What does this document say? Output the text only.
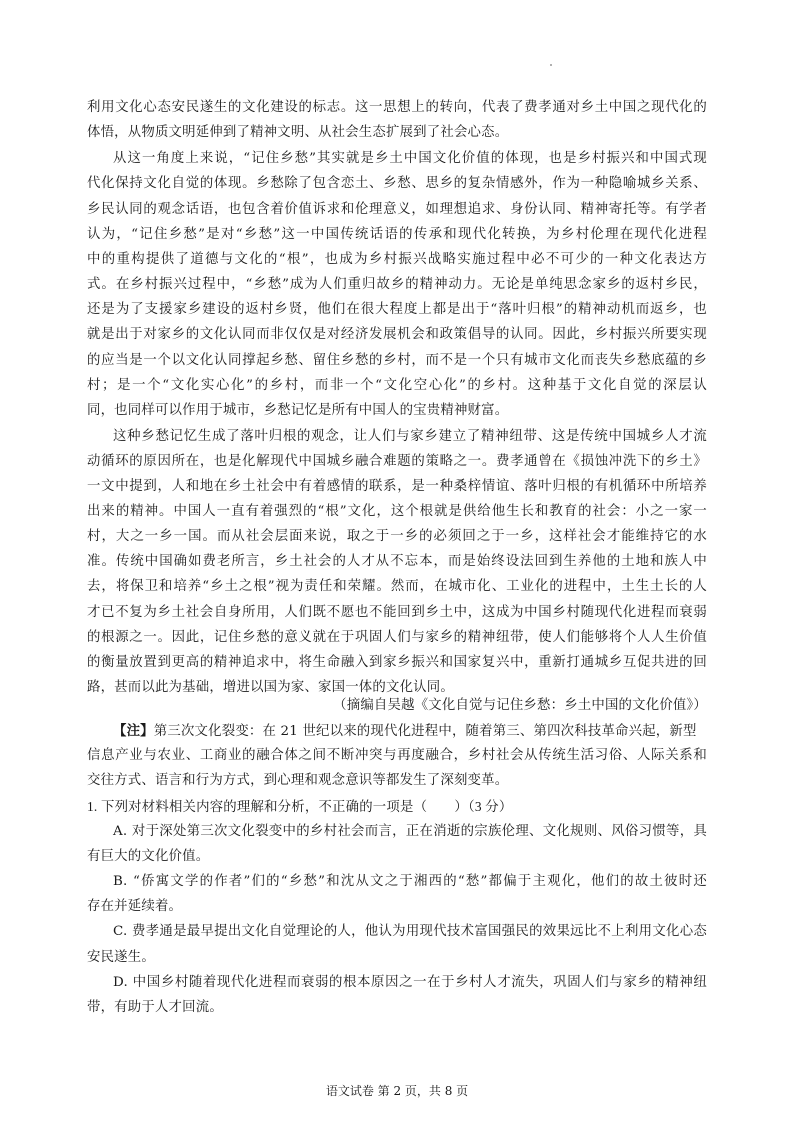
利用文化心态安民遂生的文化建设的标志。这一思想上的转向，代表了费孝通对乡土中国之现代化的
体悟，从物质文明延伸到了精神文明、从社会生态扩展到了社会心态。
从这一角度上来说，“记住乡愁”其实就是乡土中国文化价值的体现，也是乡村振兴和中国式现
代化保持文化自觉的体现。乡愁除了包含恋土、乡愁、思乡的复杂情感外，作为一种隐喻城乡关系、
乡民认同的观念话语，也包含着价值诉求和伦理意义，如理想追求、身份认同、精神寄托等。有学者
认为，“记住乡愁”是对“乡愁”这一中国传统话语的传承和现代化转换，为乡村伦理在现代化进程
中的重构提供了道德与文化的“根”，也成为乡村振兴战略实施过程中必不可少的一种文化表达方
式。在乡村振兴过程中，“乡愁”成为人们重归故乡的精神动力。无论是单纯思念家乡的返村乡民，
还是为了支援家乡建设的返村乡贤，他们在很大程度上都是出于“落叶归根”的精神动机而返乡，也
就是出于对家乡的文化认同而非仅仅是对经济发展机会和政策倡导的认同。因此，乡村振兴所要实现
的应当是一个以文化认同撑起乡愁、留住乡愁的乡村，而不是一个只有城市文化而丧失乡愁底蕴的乡
村；是一个“文化实心化”的乡村，而非一个“文化空心化”的乡村。这种基于文化自觉的深层认
同，也同样可以作用于城市，乡愁记忆是所有中国人的宝贵精神财富。
这种乡愁记忆生成了落叶归根的观念，让人们与家乡建立了精神纽带、这是传统中国城乡人才流
动循环的原因所在，也是化解现代中国城乡融合难题的策略之一。费孝通曾在《损蚀冲洗下的乡土》
一文中提到，人和地在乡土社会中有着感情的联系，是一种桑梓情谊、落叶归根的有机循环中所培养
出来的精神。中国人一直有着强烈的“根”文化，这个根就是供给他生长和教育的社会：小之一家一
村，大之一乡一国。而从社会层面来说，取之于一乡的必须回之于一乡，这样社会才能维持它的水
准。传统中国确如费老所言，乡土社会的人才从不忘本，而是始终设法回到生养他的土地和族人中
去，将保卫和培养“乡土之根”视为责任和荣耀。然而，在城市化、工业化的进程中，土生土长的人
才已不复为乡土社会自身所用，人们既不愿也不能回到乡土中，这成为中国乡村随现代化进程而衰弱
的根源之一。因此，记住乡愁的意义就在于巩固人们与家乡的精神纽带，使人们能够将个人人生价值
的衡量放置到更高的精神追求中，将生命融入到家乡振兴和国家复兴中，重新打通城乡互促共进的回
路，甚而以此为基础，增进以国为家、家国一体的文化认同。
（摘编自吴越《文化自觉与记住乡愁：乡土中国的文化价值》）
【注】第三次文化裂变：在 21 世纪以来的现代化进程中，随着第三、第四次科技革命兴起，新型
信息产业与农业、工商业的融合体之间不断冲突与再度融合，乡村社会从传统生活习俗、人际关系和
交往方式、语言和行为方式，到心理和观念意识等都发生了深刻变革。
1. 下列对材料相关内容的理解和分析，不正确的一项是（　　）（3 分）
A. 对于深处第三次文化裂变中的乡村社会而言，正在消逝的宗族伦理、文化规则、风俗习惯等，具
有巨大的文化价值。
B. “侨寓文学的作者”们的“乡愁”和沈从文之于湘西的“愁”都偏于主观化，他们的故土彼时还
存在并延续着。
C. 费孝通是最早提出文化自觉理论的人，他认为用现代技术富国强民的效果远比不上利用文化心态
安民遂生。
D. 中国乡村随着现代化进程而衰弱的根本原因之一在于乡村人才流失，巩固人们与家乡的精神纽
带，有助于人才回流。
语文试卷 第 2 页，共 8 页
